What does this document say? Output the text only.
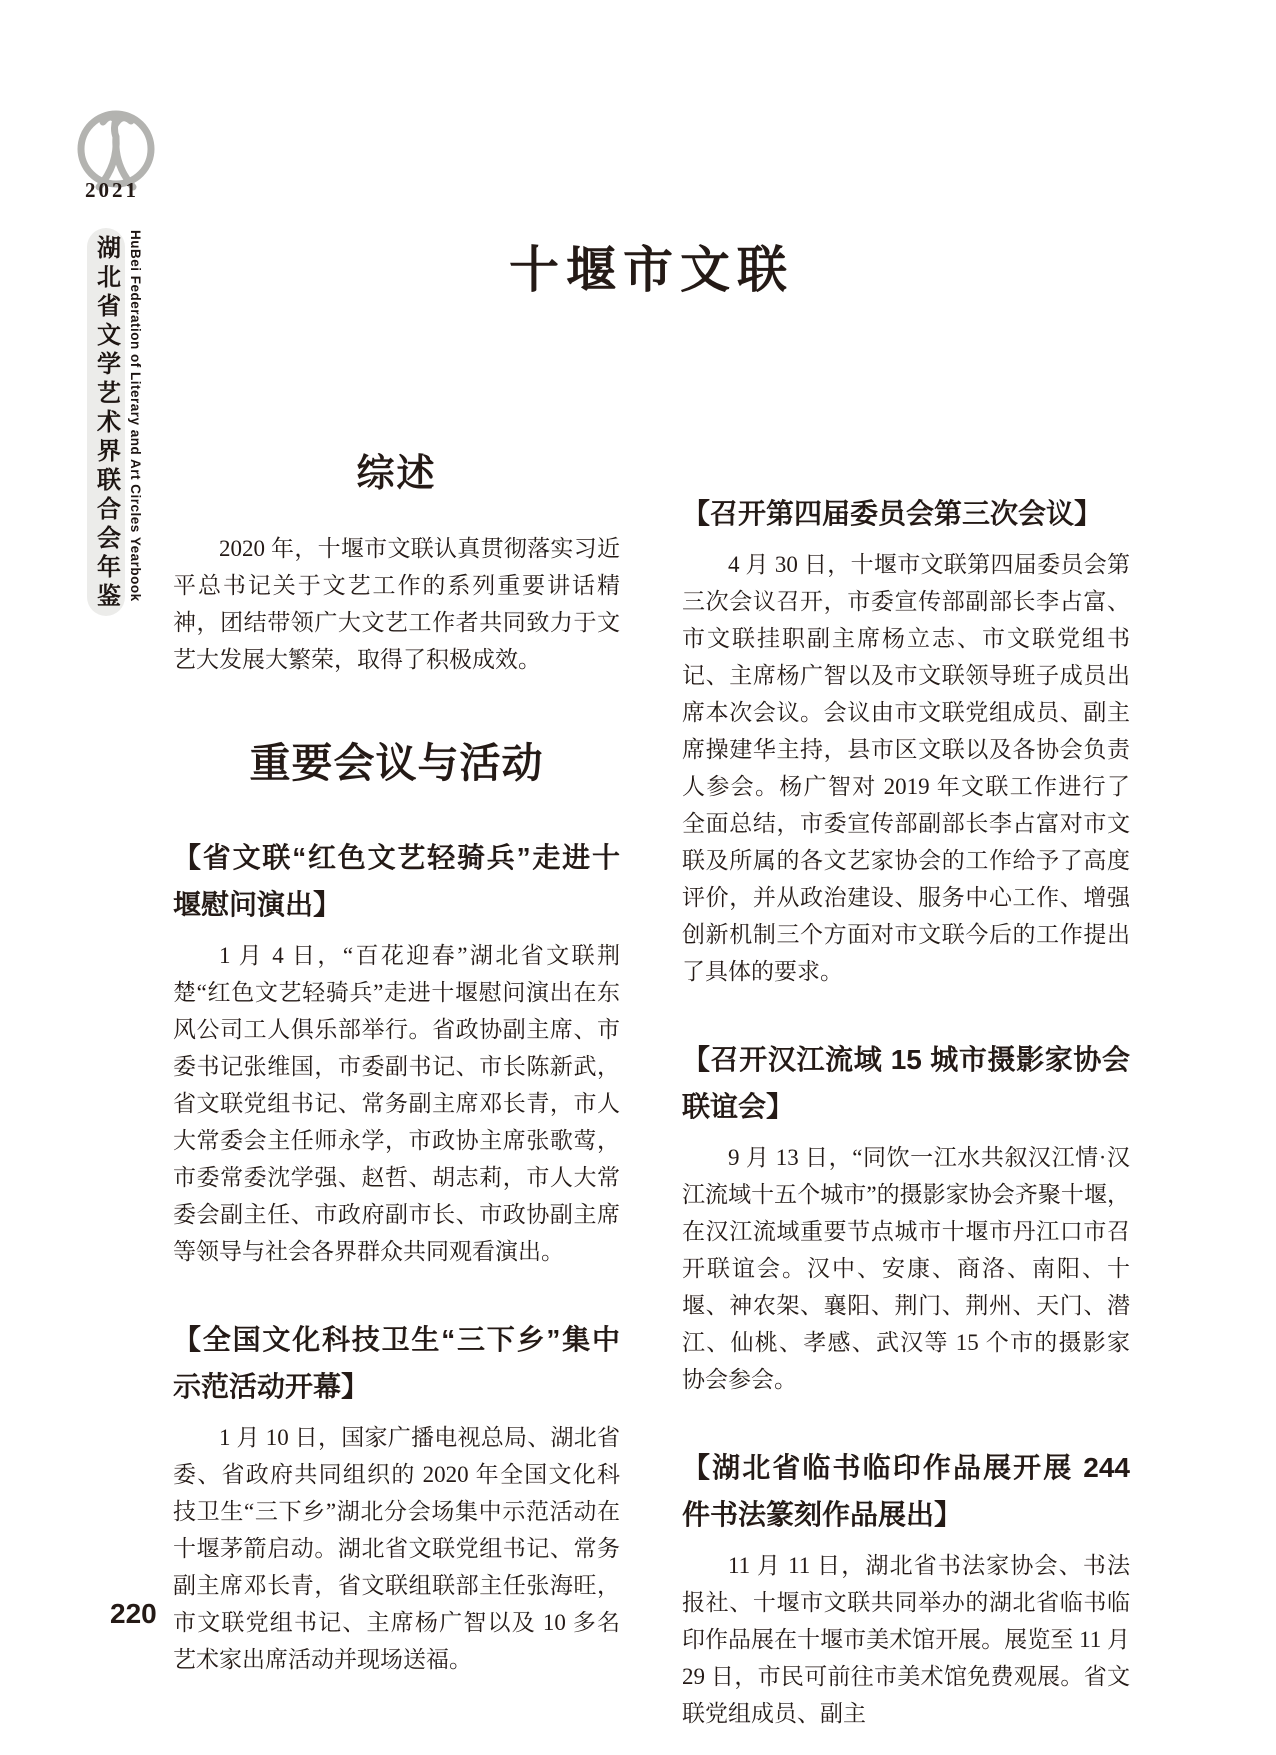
2021
湖北省文学艺术界联合会年鉴 HuBei Federation of Literary and Art Circles Yearbook	十堰市文联
综述

2020 年，十堰市文联认真贯彻落实习近平总书记关于文艺工作的系列重要讲话精神，团结带领广大文艺工作者共同致力于文艺大发展大繁荣，取得了积极成效。

重要会议与活动
【省文联“红色文艺轻骑兵”走进十堰慰问演出】

1 月 4 日，“百花迎春”湖北省文联荆楚“红色文艺轻骑兵”走进十堰慰问演出在东风公司工人俱乐部举行。省政协副主席、市委书记张维国，市委副书记、市长陈新武，省文联党组书记、常务副主席邓长青，市人大常委会主任师永学，市政协主席张歌莺，市委常委沈学强、赵哲、胡志莉，市人大常委会副主任、市政府副市长、市政协副主席等领导与社会各界群众共同观看演出。

【全国文化科技卫生“三下乡”集中示范活动开幕】

1 月 10 日，国家广播电视总局、湖北省委、省政府共同组织的 2020 年全国文化科技卫生“三下乡”湖北分会场集中示范活动在十堰茅箭启动。湖北省文联党组书记、常务副主席邓长青，省文联组联部主任张海旺，市文联党组书记、主席杨广智以及 10 多名艺术家出席活动并现场送福。

【召开第四届委员会第三次会议】

4 月 30 日，十堰市文联第四届委员会第三次会议召开，市委宣传部副部长李占富、市文联挂职副主席杨立志、市文联党组书记、主席杨广智以及市文联领导班子成员出席本次会议。会议由市文联党组成员、副主席操建华主持，县市区文联以及各协会负责人参会。杨广智对 2019 年文联工作进行了全面总结，市委宣传部副部长李占富对市文联及所属的各文艺家协会的工作给予了高度评价，并从政治建设、服务中心工作、增强创新机制三个方面对市文联今后的工作提出了具体的要求。

【召开汉江流域 15 城市摄影家协会联谊会】

9 月 13 日，“同饮一江水共叙汉江情·汉江流域十五个城市”的摄影家协会齐聚十堰，在汉江流域重要节点城市十堰市丹江口市召开联谊会。汉中、安康、商洛、南阳、十堰、神农架、襄阳、荆门、荆州、天门、潜江、仙桃、孝感、武汉等 15 个市的摄影家协会参会。

【湖北省临书临印作品展开展 244 件书法篆刻作品展出】

11 月 11 日，湖北省书法家协会、书法报社、十堰市文联共同举办的湖北省临书临印作品展在十堰市美术馆开展。展览至 11 月 29 日，市民可前往市美术馆免费观展。省文联党组成员、副主

220
